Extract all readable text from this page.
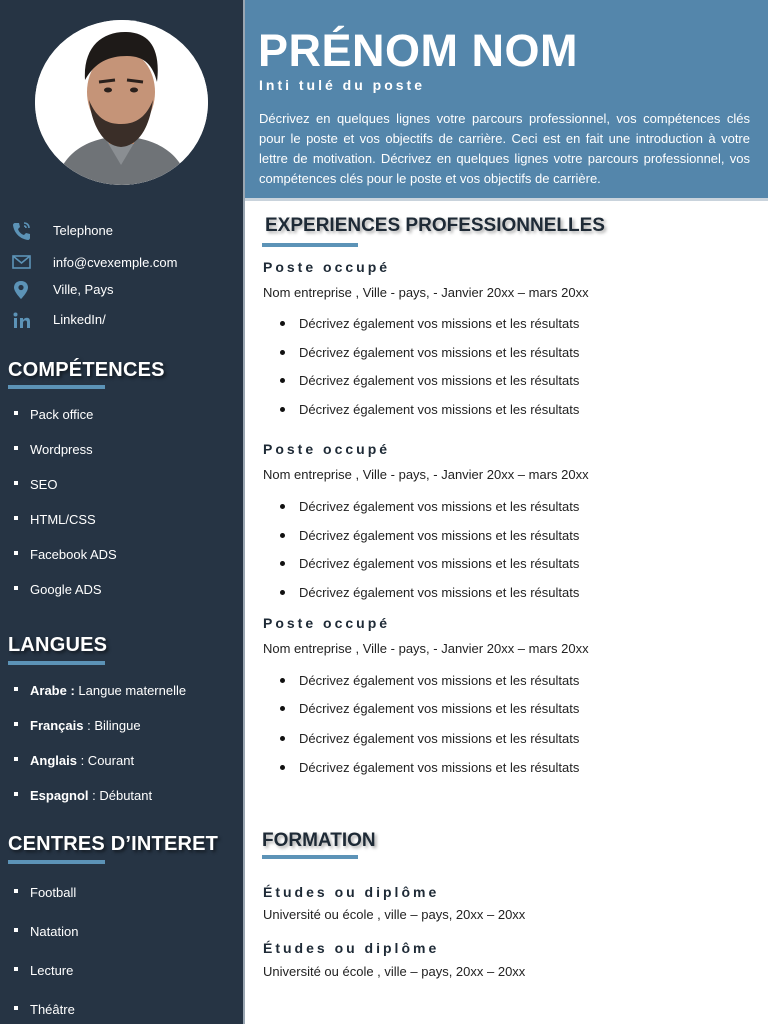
Telephone
info@cvexemple.com
Ville, Pays
LinkedIn/
COMPÉTENCES
Pack office
Wordpress
SEO
HTML/CSS
Facebook ADS
Google ADS
LANGUES
Arabe : Langue maternelle
Français : Bilingue
Anglais : Courant
Espagnol : Débutant
CENTRES D’INTERET
Football
Natation
Lecture
Théâtre
PRÉNOM NOM
Inti tulé du poste
Décrivez en quelques lignes votre parcours professionnel, vos compétences clés pour le poste et vos objectifs de carrière. Ceci est en fait une introduction à votre lettre de motivation. Décrivez en quelques lignes votre parcours professionnel, vos compétences clés pour le poste et vos objectifs de carrière.
EXPERIENCES PROFESSIONNELLES
Poste occupé
Nom entreprise , Ville - pays, - Janvier 20xx – mars 20xx
Décrivez également vos missions et les résultats
Décrivez également vos missions et les résultats
Décrivez également vos missions et les résultats
Décrivez également vos missions et les résultats
Poste occupé
Nom entreprise , Ville - pays, - Janvier 20xx – mars 20xx
Décrivez également vos missions et les résultats
Décrivez également vos missions et les résultats
Décrivez également vos missions et les résultats
Décrivez également vos missions et les résultats
Poste occupé
Nom entreprise , Ville - pays, - Janvier 20xx – mars 20xx
Décrivez également vos missions et les résultats
Décrivez également vos missions et les résultats
Décrivez également vos missions et les résultats
Décrivez également vos missions et les résultats
FORMATION
Études ou diplôme
Université ou école , ville – pays, 20xx – 20xx
Études ou diplôme
Université ou école , ville – pays, 20xx – 20xx
